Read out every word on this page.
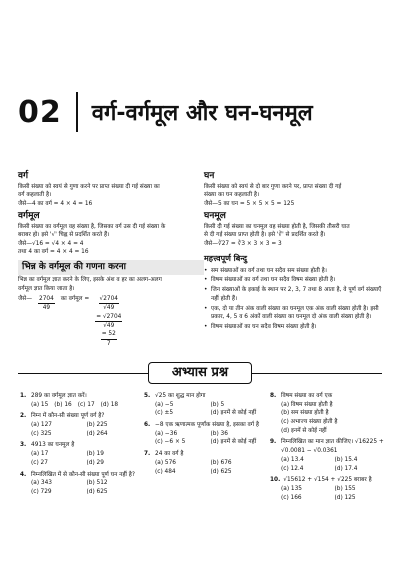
02	वर्ग-वर्गमूल और घन-घनमूल
वर्ग
किसी संख्या को स्वयं से गुणा करने पर प्राप्त संख्या दी गई संख्या का
वर्ग कहलाती है।
जैसे—4 का वर्ग = 4 × 4 = 16
वर्गमूल
किसी संख्या का वर्गमूल वह संख्या है, जिसका वर्ग उस दी गई संख्या के
बराबर हो। इसे '√' चिह्न से प्रदर्शित करते हैं।
जैसे—√16 = √4 × 4 = 4
तथा 4 का वर्ग = 4 × 4 = 16
भिन्न के वर्गमूल की गणना करना
भिन्न का वर्गमूल ज्ञात करने के लिए, इसके अंश व हर का अलग-अलग
वर्गमूल ज्ञात किया जाता है।
जैसे— $\frac{2704}{49}$ का वर्गमूल = $\frac{√2704}{√49}$
$\frac{= √2704}{√49}$
$\frac{= 52}{7}$
घन
किसी संख्या को स्वयं से दो बार गुणा करने पर, प्राप्त संख्या दी गई
संख्या का घन कहलाती है।
जैसे—5 का घन = 5 × 5 × 5 = 125
घनमूल
किसी दी गई संख्या का घनमूल वह संख्या होती है, जिसकी तीसरी घात
से दी गई संख्या प्राप्त होती है। इसे '∛' से प्रदर्शित करते हैं।
जैसे—∛27 = ∛3 × 3 × 3 = 3
महत्त्वपूर्ण बिन्दु
• सम संख्याओं का वर्ग तथा घन सदैव सम संख्या होती है।
• विषम संख्याओं का वर्ग तथा घन सदैव विषम संख्या होती है।
• जिन संख्याओं के इकाई के स्थान पर 2, 3, 7 तथा 8 आता है, वे पूर्ण वर्ग संख्याएँ नहीं होती हैं।
• एक, दो या तीन अंक वाली संख्या का घनमूल एक अंक वाली संख्या होती है। इसी प्रकार, 4, 5 व 6 अंकों वाली संख्या का घनमूल दो अंक वाली संख्या होती है।
• विषम संख्याओं का घन सदैव विषम संख्या होती है।
अभ्यास प्रश्न
1. 289 का वर्गमूल ज्ञात करें।
(a) 15 (b) 16 (c) 17 (d) 18
2. निम्न में कौन-सी संख्या पूर्ण वर्ग है?
(a) 127	(b) 225
(c) 325	(d) 264
3. 4913 का घनमूल है
(a) 17	(b) 19
(c) 27	(d) 29
4. निम्नलिखित में से कौन-सी संख्या पूर्ण घन नहीं है?
(a) 343	(b) 512
(c) 729	(d) 625
5. √25 का शुद्ध मान होगा
(a) −5	(b) 5
(c) ±5	(d) इनमें से कोई नहीं
6. −8 एक ऋणात्मक पूर्णांक संख्या है, इसका वर्ग है
(a) −36	(b) 36
(c) −6 × 5	(d) इनमें से कोई नहीं
7. 24 का वर्ग है
(a) 576	(b) 676
(c) 484	(d) 625
8. विषम संख्या का वर्ग एक
(a) विषम संख्या होती है
(b) सम संख्या होती है
(c) अभाज्य संख्या होती है
(d) इनमें से कोई नहीं
9. निम्नलिखित का मान ज्ञात कीजिए। √16225 + √0.0081 − √0.0361
(a) 13.4	(b) 15.4
(c) 12.4	(d) 17.4
10. √15612 + √154 + √225 बराबर है
(a) 135	(b) 155
(c) 166	(d) 125
